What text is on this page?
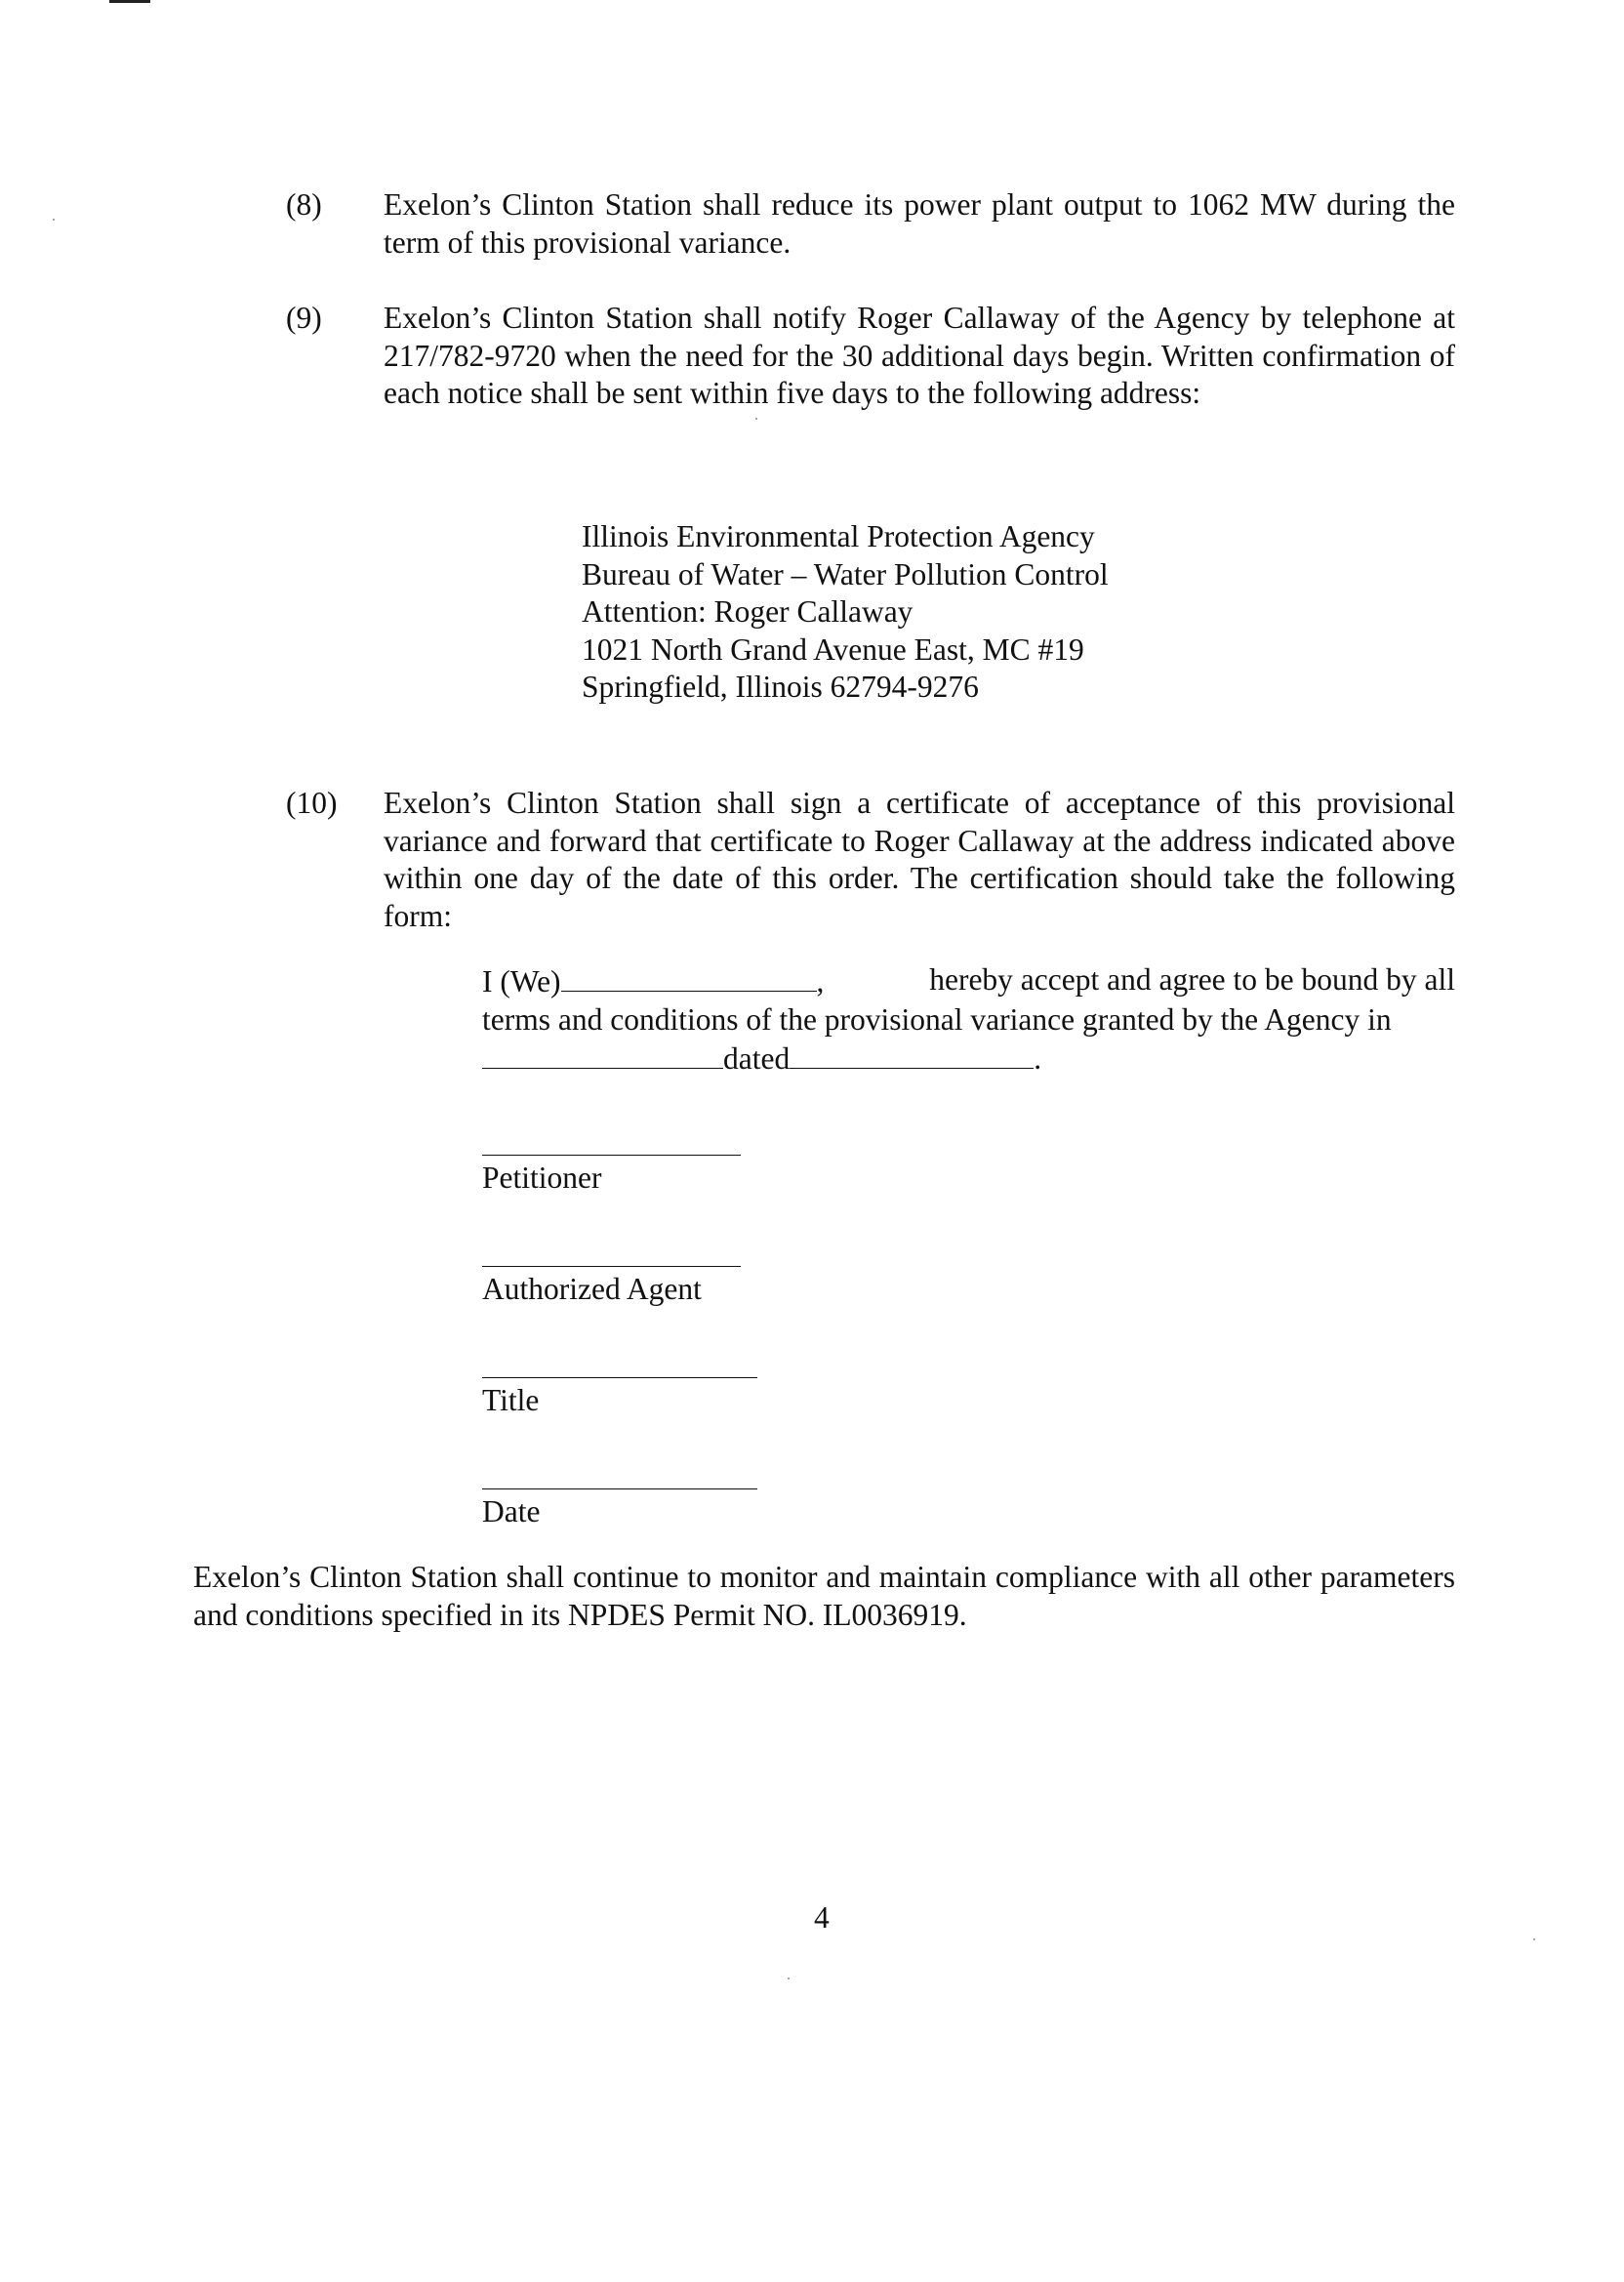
(8) Exelon’s Clinton Station shall reduce its power plant output to 1062 MW during the term of this provisional variance.
(9) Exelon’s Clinton Station shall notify Roger Callaway of the Agency by telephone at 217/782-9720 when the need for the 30 additional days begin. Written confirmation of each notice shall be sent within five days to the following address:
Illinois Environmental Protection Agency
Bureau of Water – Water Pollution Control
Attention: Roger Callaway
1021 North Grand Avenue East, MC #19
Springfield, Illinois 62794-9276
(10) Exelon’s Clinton Station shall sign a certificate of acceptance of this provisional variance and forward that certificate to Roger Callaway at the address indicated above within one day of the date of this order. The certification should take the following form:
I (We)	,	hereby accept and agree to be bound by all
terms and conditions of the provisional variance granted by the Agency in
dated	.
Petitioner
Authorized Agent
Title
Date
Exelon’s Clinton Station shall continue to monitor and maintain compliance with all other parameters and conditions specified in its NPDES Permit NO. IL0036919.
4
